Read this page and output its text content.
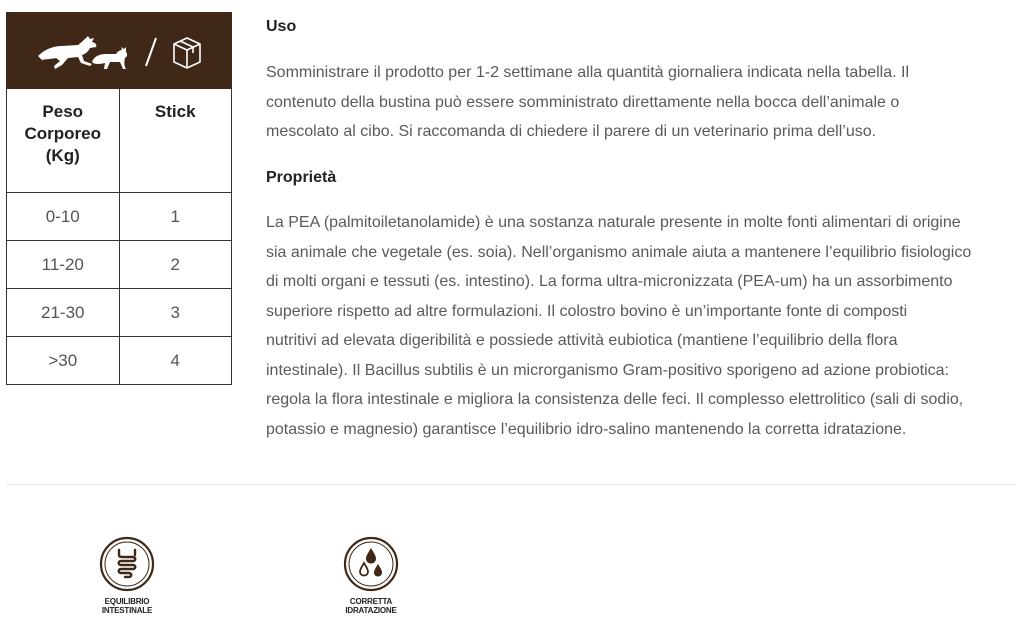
Peso
Corporeo
(Kg)	Stick
0-10	1
11-20	2
21-30	3
>30	4
Uso
Somministrare il prodotto per 1-2 settimane alla quantità giornaliera indicata nella tabella. Il
contenuto della bustina può essere somministrato direttamente nella bocca dell’animale o
mescolato al cibo. Si raccomanda di chiedere il parere di un veterinario prima dell’uso.
Proprietà
La PEA (palmitoiletanolamide) è una sostanza naturale presente in molte fonti alimentari di origine
sia animale che vegetale (es. soia). Nell’organismo animale aiuta a mantenere l’equilibrio fisiologico
di molti organi e tessuti (es. intestino). La forma ultra-micronizzata (PEA-um) ha un assorbimento
superiore rispetto ad altre formulazioni. Il colostro bovino è un’importante fonte di composti
nutritivi ad elevata digeribilità e possiede attività eubiotica (mantiene l’equilibrio della flora
intestinale). Il Bacillus subtilis è un microrganismo Gram-positivo sporigeno ad azione probiotica:
regola la flora intestinale e migliora la consistenza delle feci. Il complesso elettrolitico (sali di sodio,
potassio e magnesio) garantisce l’equilibrio idro-salino mantenendo la corretta idratazione.
EQUILIBRIO
INTESTINALE
CORRETTA
IDRATAZIONE
